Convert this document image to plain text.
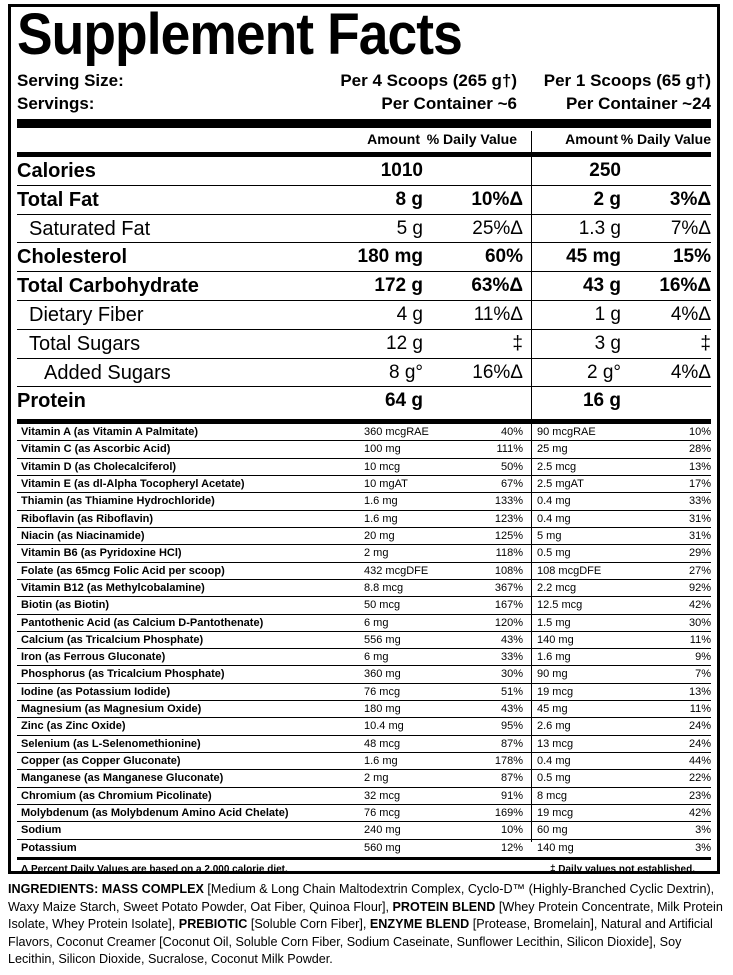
Supplement Facts
Serving Size:
Servings:
Per 4 Scoops (265 g†)
Per Container ~6
Per 1 Scoops (65 g†)
Per Container ~24
Amount % Daily Value	Amount % Daily Value
Calories	1010	250
Total Fat	8 g	10%Δ	2 g	3%Δ
Saturated Fat	5 g	25%Δ	1.3 g	7%Δ
Cholesterol	180 mg	60% 45 mg	15%
Total Carbohydrate	172 g	63%Δ	43 g 16%Δ
Dietary Fiber	4 g	11%Δ	1 g	4%Δ
Total Sugars	12 g	‡	3 g	‡
Added Sugars	8 g°	16%Δ	2 g°	4%Δ
Protein	64 g	16 g
Vitamin A (as Vitamin A Palmitate)	360 mcgRAE	40% 90 mcgRAE	10%
Vitamin C (as Ascorbic Acid)	100 mg	111% 25 mg	28%
Vitamin D (as Cholecalciferol)	10 mcg	50% 2.5 mcg	13%
Vitamin E (as dl-Alpha Tocopheryl Acetate)	10 mgAT	67% 2.5 mgAT	17%
Thiamin (as Thiamine Hydrochloride)	1.6 mg	133% 0.4 mg	33%
Riboflavin (as Riboflavin)	1.6 mg	123% 0.4 mg	31%
Niacin (as Niacinamide)	20 mg	125% 5 mg	31%
Vitamin B6 (as Pyridoxine HCl)	2 mg	118% 0.5 mg	29%
Folate (as 65mcg Folic Acid per scoop)	432 mcgDFE	108% 108 mcgDFE	27%
Vitamin B12 (as Methylcobalamine)	8.8 mcg	367% 2.2 mcg	92%
Biotin (as Biotin)	50 mcg	167% 12.5 mcg	42%
Pantothenic Acid (as Calcium D-Pantothenate)	6 mg	120% 1.5 mg	30%
Calcium (as Tricalcium Phosphate)	556 mg	43% 140 mg	11%
Iron (as Ferrous Gluconate)	6 mg	33% 1.6 mg	9%
Phosphorus (as Tricalcium Phosphate)	360 mg	30% 90 mg	7%
Iodine (as Potassium Iodide)	76 mcg	51% 19 mcg	13%
Magnesium (as Magnesium Oxide)	180 mg	43% 45 mg	11%
Zinc (as Zinc Oxide)	10.4 mg	95% 2.6 mg	24%
Selenium (as L-Selenomethionine)	48 mcg	87% 13 mcg	24%
Copper (as Copper Gluconate)	1.6 mg	178% 0.4 mg	44%
Manganese (as Manganese Gluconate)	2 mg	87% 0.5 mg	22%
Chromium (as Chromium Picolinate)	32 mcg	91% 8 mcg	23%
Molybdenum (as Molybdenum Amino Acid Chelate)	76 mcg	169% 19 mcg	42%
Sodium	240 mg	10% 60 mg	3%
Potassium	560 mg	12% 140 mg	3%
Δ Percent Daily Values are based on a 2,000 calorie diet.	‡ Daily values not established.
INGREDIENTS: MASS COMPLEX [Medium & Long Chain Maltodextrin Complex, Cyclo-D™ (Highly-Branched Cyclic Dextrin), Waxy Maize Starch, Sweet Potato Powder, Oat Fiber, Quinoa Flour], PROTEIN BLEND [Whey Protein Concentrate, Milk Protein Isolate, Whey Protein Isolate], PREBIOTIC [Soluble Corn Fiber], ENZYME BLEND [Protease, Bromelain], Natural and Artificial Flavors, Coconut Creamer [Coconut Oil, Soluble Corn Fiber, Sodium Caseinate, Sunflower Lecithin, Silicon Dioxide], Soy Lecithin, Silicon Dioxide, Sucralose, Coconut Milk Powder.
